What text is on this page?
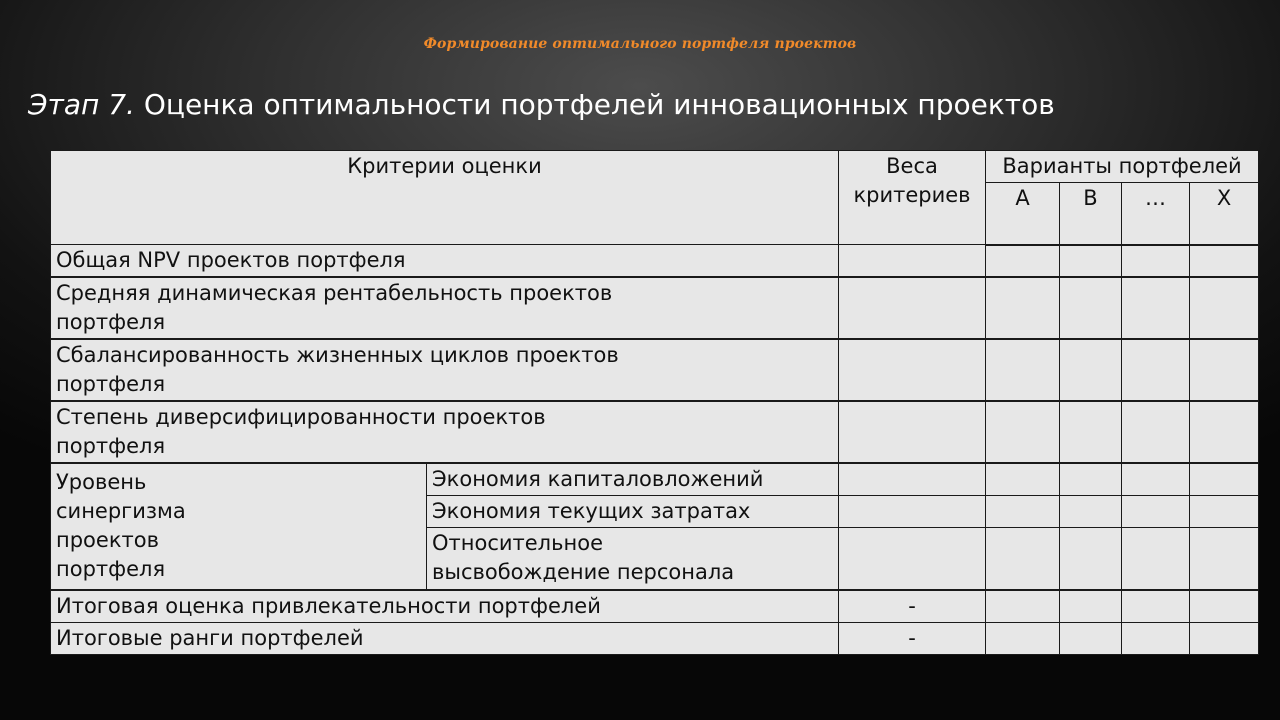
Формирование оптимального портфеля проектов
Этап 7. Оценка оптимальности портфелей инновационных проектов
Критерии оценки		Веса критериев	Варианты портфелей			
			А	В	…	Х
Общая NPV проектов портфеля						
Средняя динамическая рентабельность проектов портфеля						
Сбалансированность жизненных циклов проектов портфеля						
Степень диверсифицированности проектов портфеля						
Уровень синергизма проектов портфеля	Экономия капиталовложений					
	Экономия текущих затратах					
	Относительное высвобождение персонала					
Итоговая оценка привлекательности портфелей		-				
Итоговые ранги портфелей		-				
